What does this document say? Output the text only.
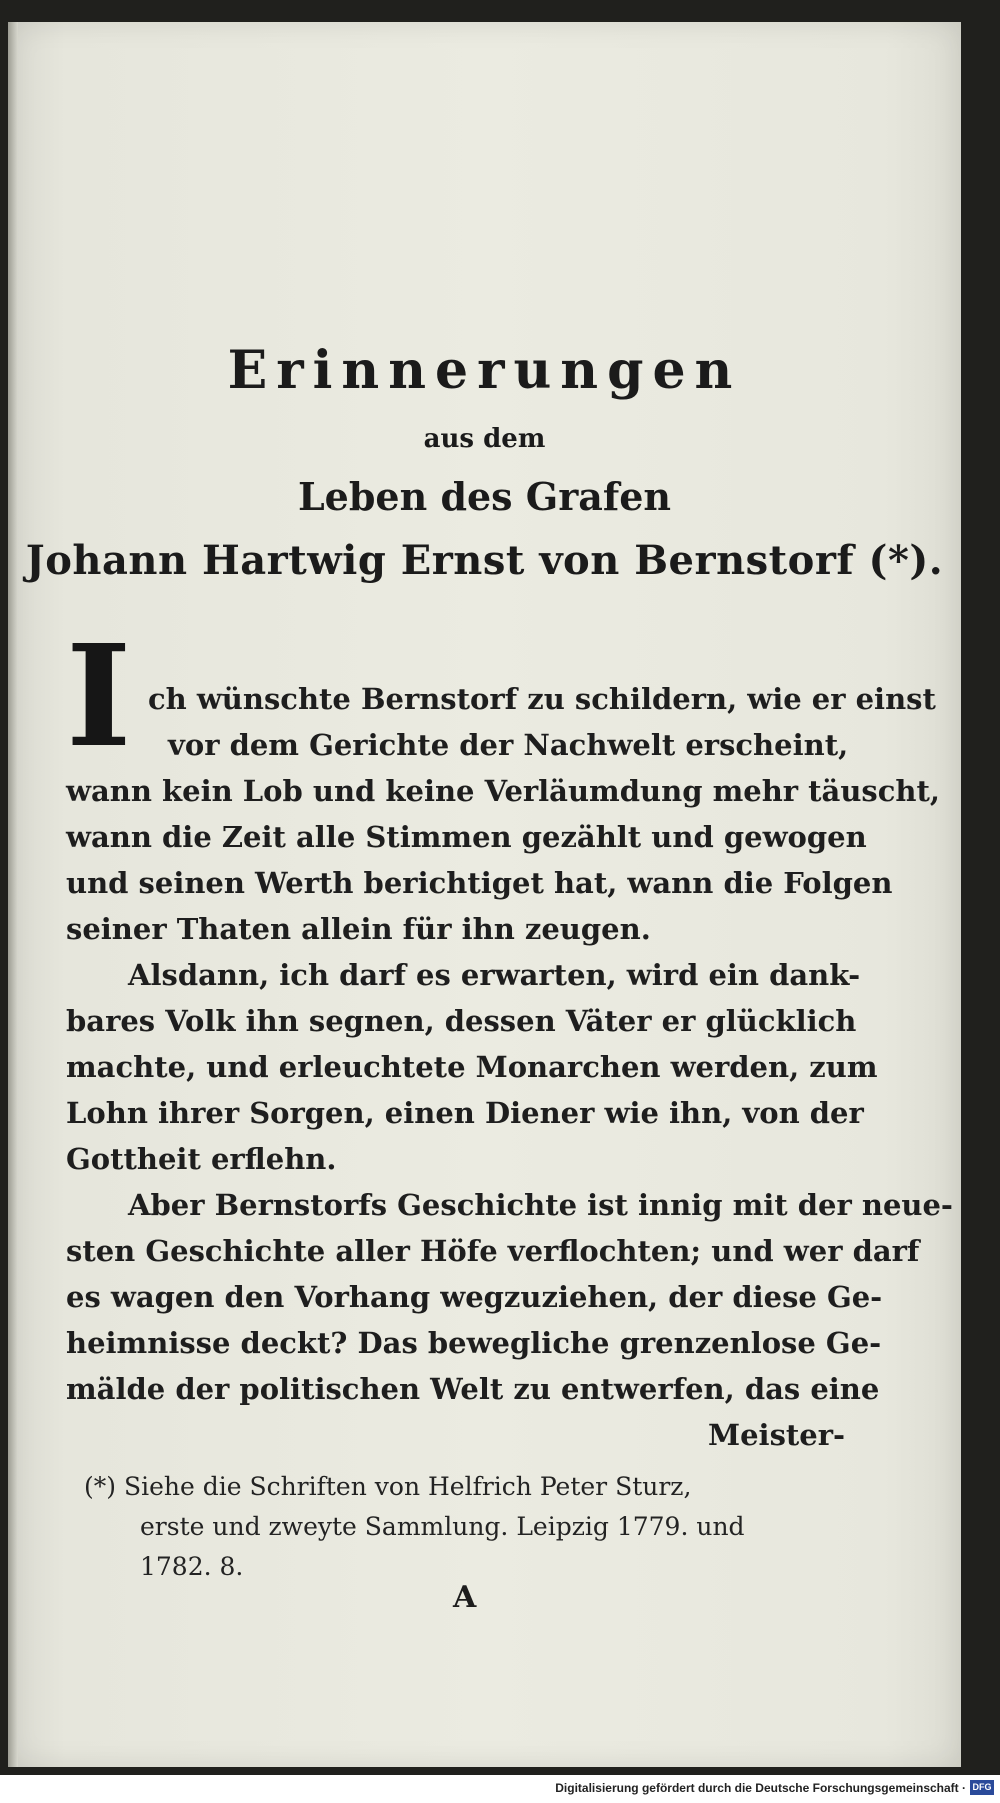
Erinnerungen
aus dem
Leben des Grafen
Johann Hartwig Ernst von Bernstorf (*).
I ch wünschte Bernstorf zu schildern, wie er einst
vor dem Gerichte der Nachwelt erscheint,
wann kein Lob und keine Verläumdung mehr täuscht,
wann die Zeit alle Stimmen gezählt und gewogen
und seinen Werth berichtiget hat, wann die Folgen
seiner Thaten allein für ihn zeugen.
Alsdann, ich darf es erwarten, wird ein dank-
bares Volk ihn segnen, dessen Väter er glücklich
machte, und erleuchtete Monarchen werden, zum
Lohn ihrer Sorgen, einen Diener wie ihn, von der
Gottheit erflehn.
Aber Bernstorfs Geschichte ist innig mit der neue-
sten Geschichte aller Höfe verflochten; und wer darf
es wagen den Vorhang wegzuziehen, der diese Ge-
heimnisse deckt? Das bewegliche grenzenlose Ge-
mälde der politischen Welt zu entwerfen, das eine
Meister-
(*) Siehe die Schriften von Helfrich Peter Sturz,
erste und zweyte Sammlung. Leipzig 1779. und
1782. 8.
A
Digitalisierung gefördert durch die Deutsche Forschungsgemeinschaft · DFG
